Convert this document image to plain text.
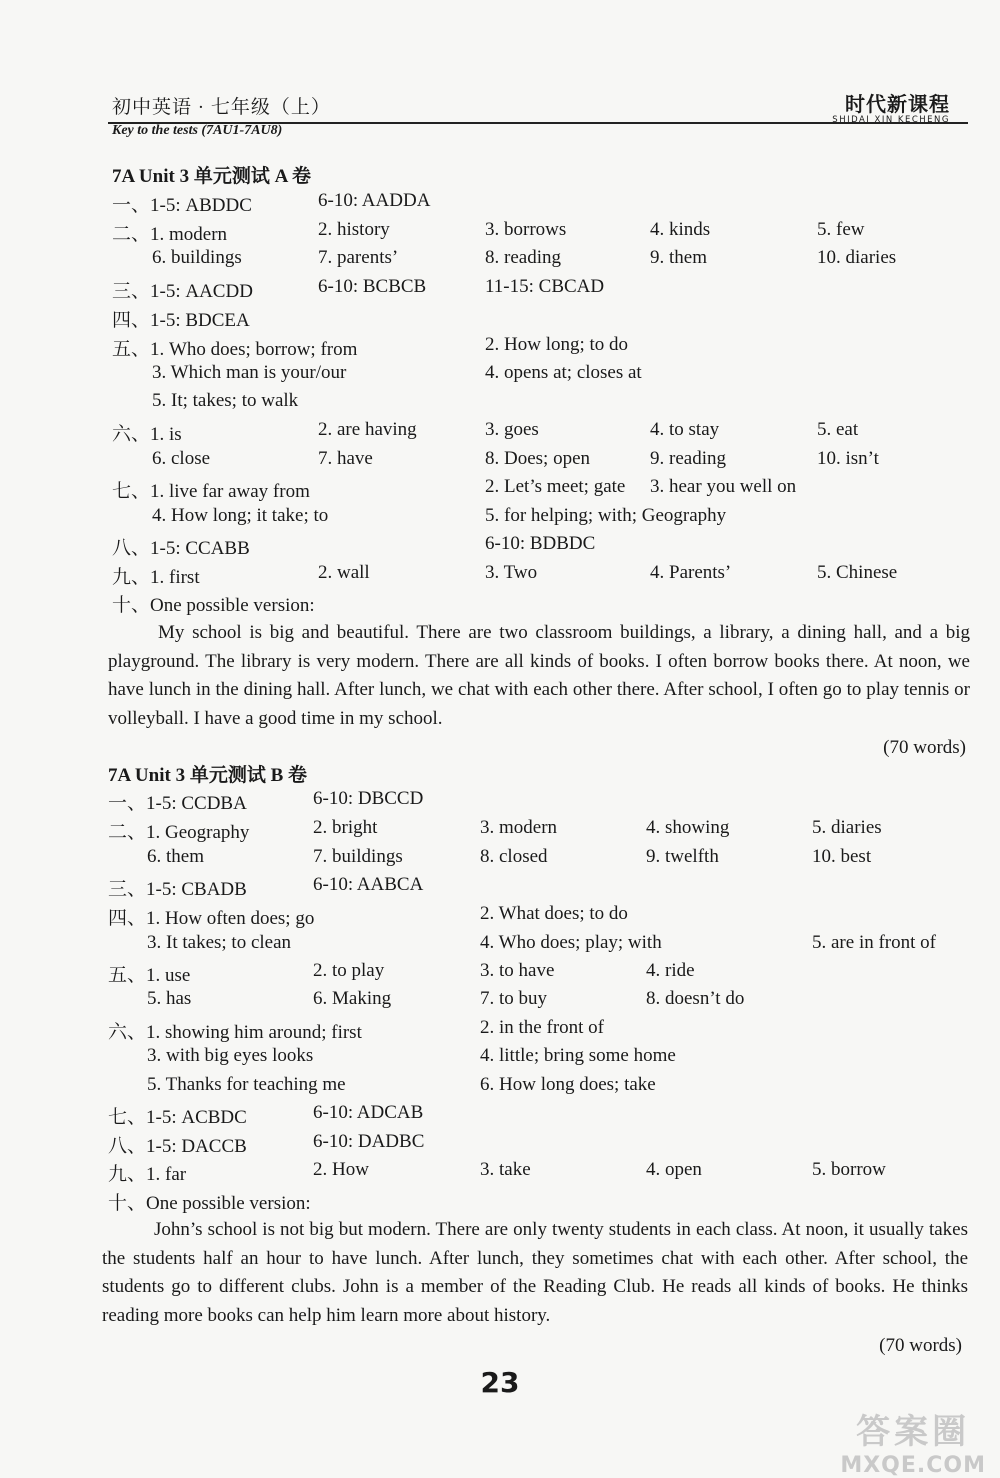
初中英语 · 七年级（上）
Key to the tests (7AU1-7AU8)
时代新课程
SHIDAI XIN KECHENG
7A Unit 3 单元测试 A 卷
一、1-5: ABDDC	6-10: AADDA
二、1. modern	2. history	3. borrows	4. kinds	5. few
6. buildings	7. parents’	8. reading	9. them	10. diaries
三、1-5: AACDD	6-10: BCBCB	11-15: CBCAD
四、1-5: BDCEA
五、1. Who does; borrow; from	2. How long; to do
3. Which man is your/our	4. opens at; closes at
5. It; takes; to walk
六、1. is	2. are having	3. goes	4. to stay	5. eat
6. close	7. have	8. Does; open	9. reading	10. isn’t
七、1. live far away from	2. Let’s meet; gate 3. hear you well on
4. How long; it take; to	5. for helping; with; Geography
八、1-5: CCABB	6-10: BDBDC
九、1. first	2. wall	3. Two	4. Parents’	5. Chinese
十、One possible version:
My school is big and beautiful. There are two classroom buildings, a library, a dining hall, and a big playground. The library is very modern. There are all kinds of books. I often borrow books there. At noon, we have lunch in the dining hall. After lunch, we chat with each other there. After school, I often go to play tennis or volleyball. I have a good time in my school.
(70 words)
7A Unit 3 单元测试 B 卷
一、1-5: CCDBA	6-10: DBCCD
二、1. Geography	2. bright	3. modern	4. showing	5. diaries
6. them	7. buildings	8. closed	9. twelfth	10. best
三、1-5: CBADB	6-10: AABCA
四、1. How often does; go	2. What does; to do
3. It takes; to clean	4. Who does; play; with	5. are in front of
五、1. use	2. to play	3. to have	4. ride
5. has	6. Making	7. to buy	8. doesn’t do
六、1. showing him around; first	2. in the front of
3. with big eyes looks	4. little; bring some home
5. Thanks for teaching me	6. How long does; take
七、1-5: ACBDC	6-10: ADCAB
八、1-5: DACCB	6-10: DADBC
九、1. far	2. How	3. take	4. open	5. borrow
十、One possible version:
John’s school is not big but modern. There are only twenty students in each class. At noon, it usually takes the students half an hour to have lunch. After lunch, they sometimes chat with each other. After school, the students go to different clubs. John is a member of the Reading Club. He reads all kinds of books. He thinks reading more books can help him learn more about history.
(70 words)
23
答案圈
MXQE.COM
